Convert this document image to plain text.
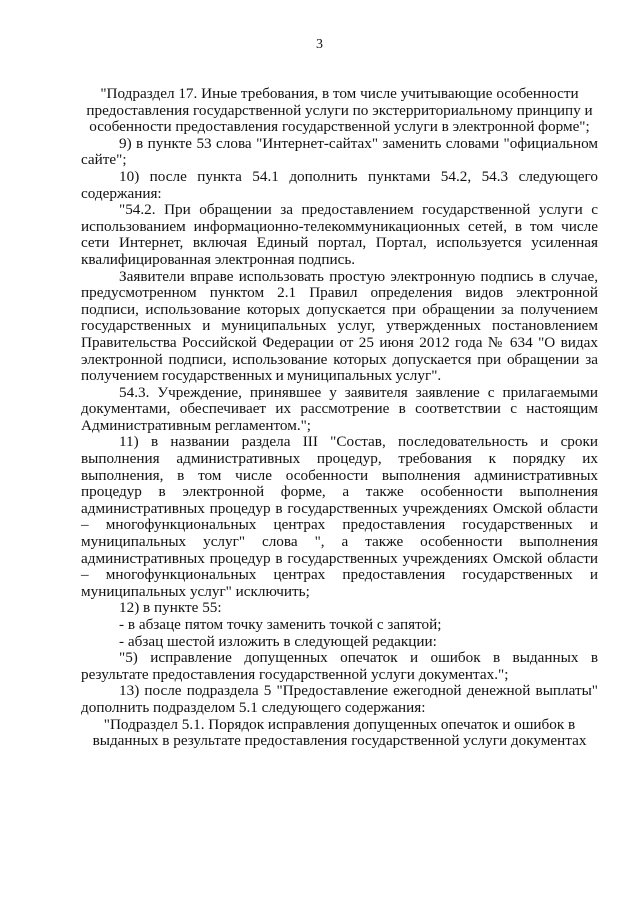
3

"Подраздел 17. Иные требования, в том числе учитывающие особенности предоставления государственной услуги по экстерриториальному принципу и особенности предоставления государственной услуги в электронной форме";

9) в пункте 53 слова "Интернет-сайтах" заменить словами "официальном сайте";

10) после пункта 54.1 дополнить пунктами 54.2, 54.3 следующего содержания:

"54.2. При обращении за предоставлением государственной услуги с использованием информационно-телекоммуникационных сетей, в том числе сети Интернет, включая Единый портал, Портал, используется усиленная квалифицированная электронная подпись.

Заявители вправе использовать простую электронную подпись в случае, предусмотренном пунктом 2.1 Правил определения видов электронной подписи, использование которых допускается при обращении за получением государственных и муниципальных услуг, утвержденных постановлением Правительства Российской Федерации от 25 июня 2012 года № 634 "О видах электронной подписи, использование которых допускается при обращении за получением государственных и муниципальных услуг".

54.3. Учреждение, принявшее у заявителя заявление с прилагаемыми документами, обеспечивает их рассмотрение в соответствии с настоящим Административным регламентом.";

11) в названии раздела III "Состав, последовательность и сроки выполнения административных процедур, требования к порядку их выполнения, в том числе особенности выполнения административных процедур в электронной форме, а также особенности выполнения административных процедур в государственных учреждениях Омской области – многофункциональных центрах предоставления государственных и муниципальных услуг" слова ", а также особенности выполнения административных процедур в государственных учреждениях Омской области – многофункциональных центрах предоставления государственных и муниципальных услуг" исключить;

12) в пункте 55:

- в абзаце пятом точку заменить точкой с запятой;

- абзац шестой изложить в следующей редакции:

"5) исправление допущенных опечаток и ошибок в выданных в результате предоставления государственной услуги документах.";

13) после подраздела 5 "Предоставление ежегодной денежной выплаты" дополнить подразделом 5.1 следующего содержания:

"Подраздел 5.1. Порядок исправления допущенных опечаток и ошибок в выданных в результате предоставления государственной услуги документах
